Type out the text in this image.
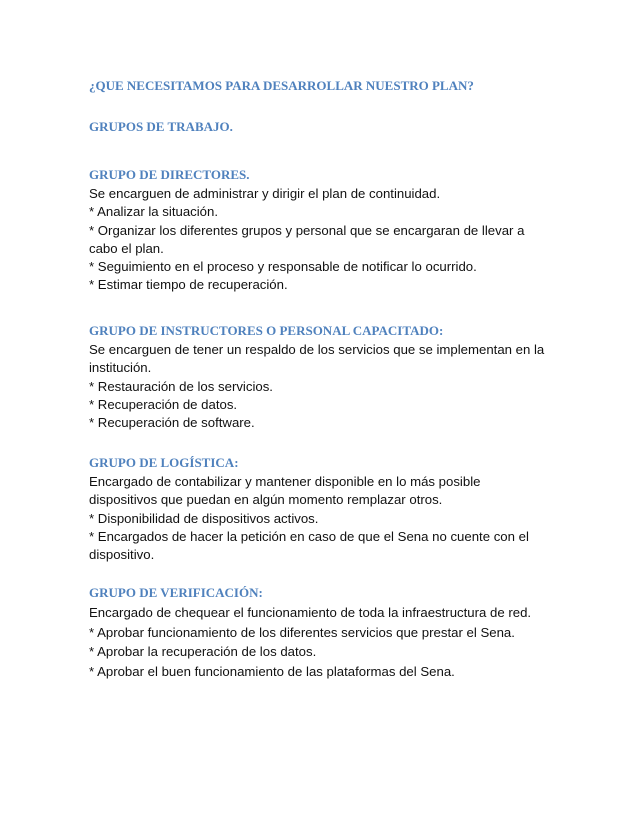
¿QUE NECESITAMOS PARA DESARROLLAR NUESTRO PLAN?

GRUPOS DE TRABAJO.

GRUPO DE DIRECTORES.

Se encarguen de administrar y dirigir el plan de continuidad.

* Analizar la situación.

* Organizar los diferentes grupos y personal que se encargaran de llevar a

cabo el plan.

* Seguimiento en el proceso y responsable de notificar lo ocurrido.

* Estimar tiempo de recuperación.

GRUPO DE INSTRUCTORES O PERSONAL CAPACITADO:

Se encarguen de tener un respaldo de los servicios que se implementan en la

institución.

* Restauración de los servicios.

* Recuperación de datos.

* Recuperación de software.

GRUPO DE LOGÍSTICA:

Encargado de contabilizar y mantener disponible en lo más posible

dispositivos que puedan en algún momento remplazar otros.

* Disponibilidad de dispositivos activos.

* Encargados de hacer la petición en caso de que el Sena no cuente con el

dispositivo.

GRUPO DE VERIFICACIÓN:

Encargado de chequear el funcionamiento de toda la infraestructura de red.

* Aprobar funcionamiento de los diferentes servicios que prestar el Sena.

* Aprobar la recuperación de los datos.

* Aprobar el buen funcionamiento de las plataformas del Sena.
